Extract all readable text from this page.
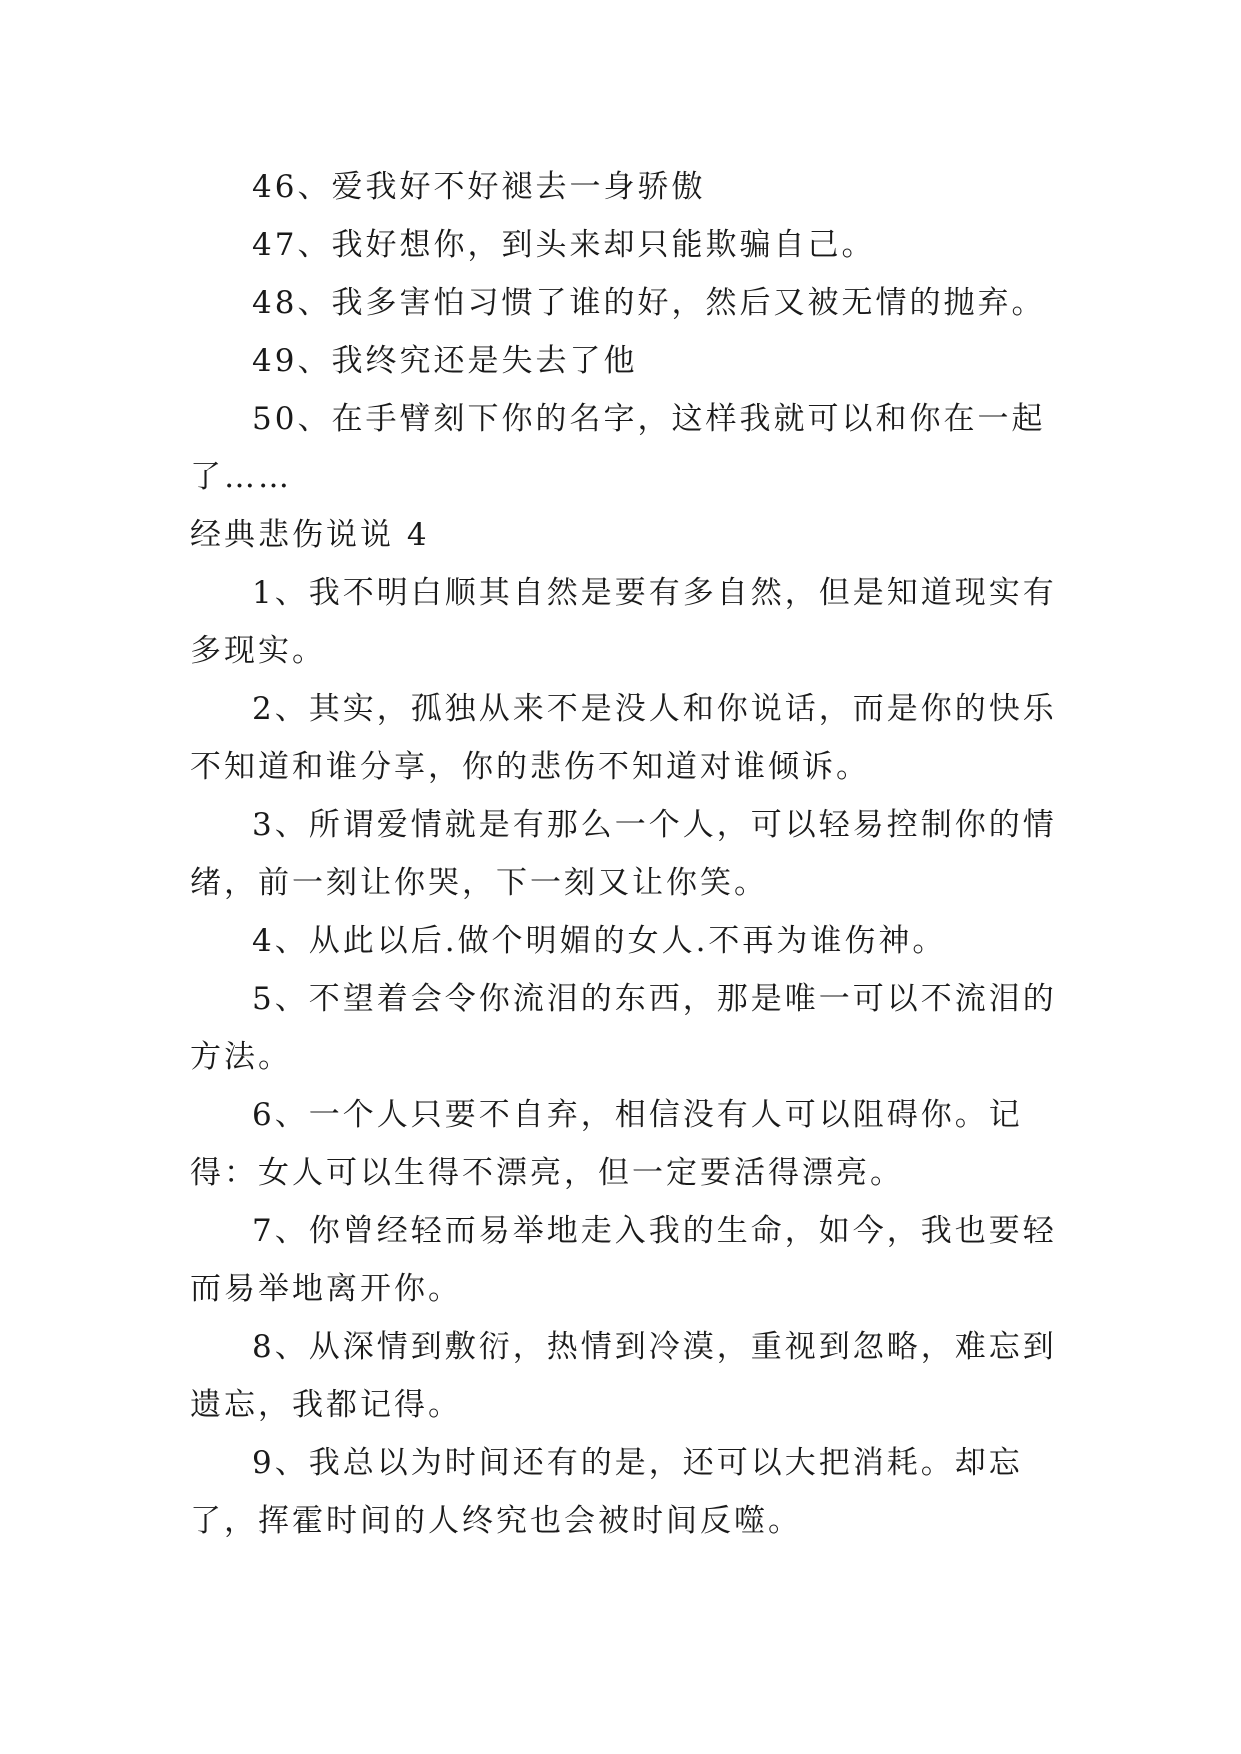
46、爱我好不好褪去一身骄傲

47、我好想你，到头来却只能欺骗自己。

48、我多害怕习惯了谁的好，然后又被无情的抛弃。

49、我终究还是失去了他

50、在手臂刻下你的名字，这样我就可以和你在一起了……

经典悲伤说说 4

1、我不明白顺其自然是要有多自然，但是知道现实有多现实。

2、其实，孤独从来不是没人和你说话，而是你的快乐不知道和谁分享，你的悲伤不知道对谁倾诉。

3、所谓爱情就是有那么一个人，可以轻易控制你的情绪，前一刻让你哭，下一刻又让你笑。

4、从此以后.做个明媚的女人.不再为谁伤神。

5、不望着会令你流泪的东西，那是唯一可以不流泪的方法。

6、一个人只要不自弃，相信没有人可以阻碍你。记得：女人可以生得不漂亮，但一定要活得漂亮。

7、你曾经轻而易举地走入我的生命，如今，我也要轻而易举地离开你。

8、从深情到敷衍，热情到冷漠，重视到忽略，难忘到遗忘，我都记得。

9、我总以为时间还有的是，还可以大把消耗。却忘了，挥霍时间的人终究也会被时间反噬。
